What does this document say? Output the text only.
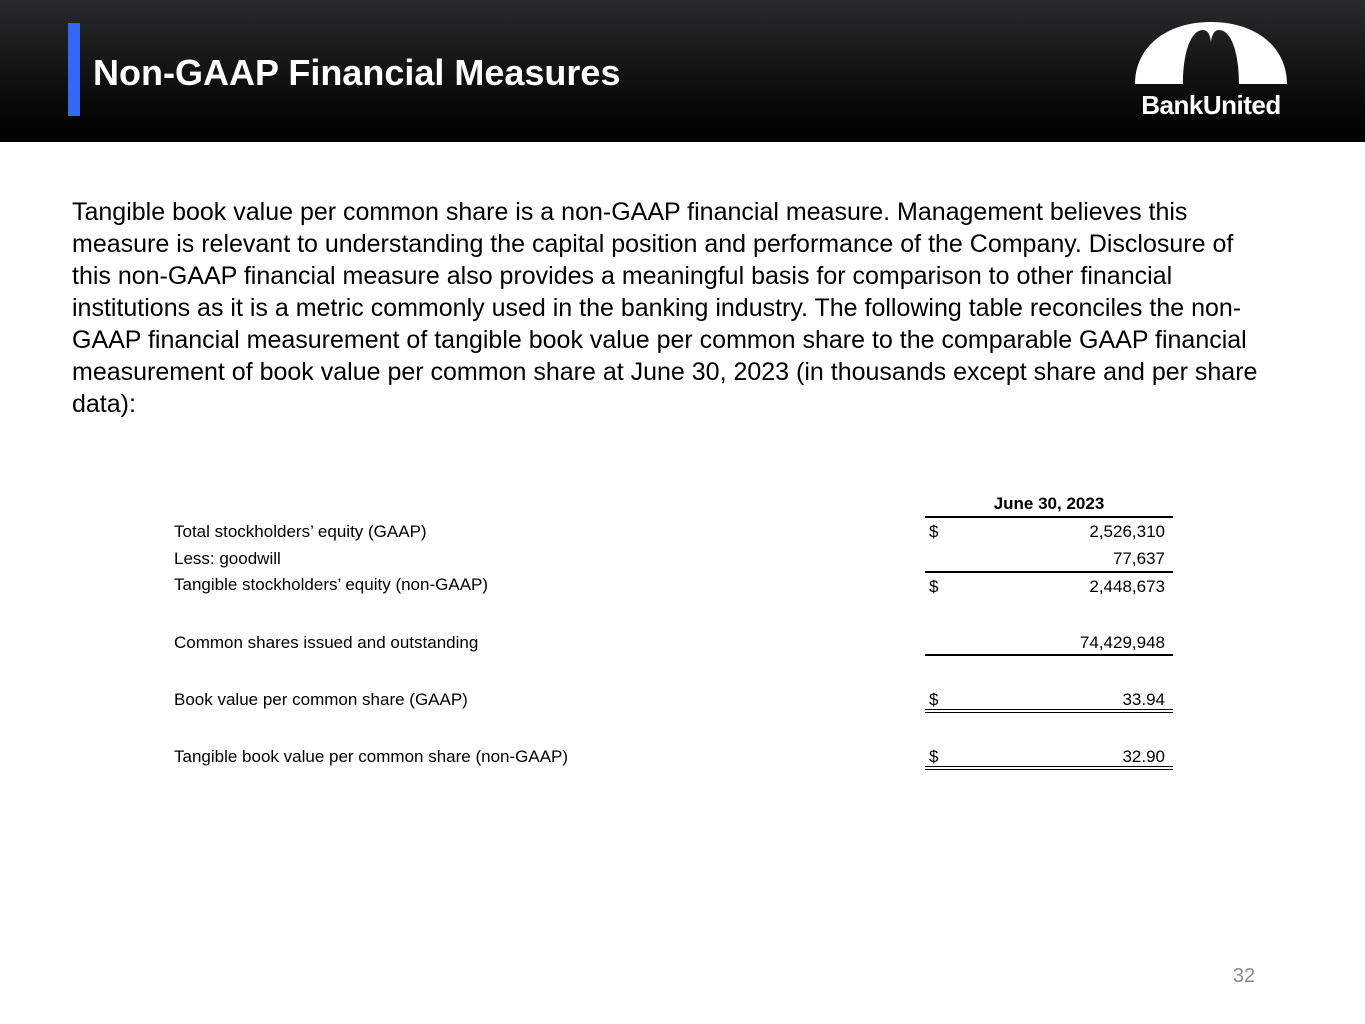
Non-GAAP Financial Measures
BankUnited

Tangible book value per common share is a non-GAAP financial measure. Management believes this measure is relevant to understanding the capital position and performance of the Company. Disclosure of this non-GAAP financial measure also provides a meaningful basis for comparison to other financial institutions as it is a metric commonly used in the banking industry. The following table reconciles the non-GAAP financial measurement of tangible book value per common share to the comparable GAAP financial measurement of book value per common share at June 30, 2023 (in thousands except share and per share data):

June 30, 2023
Total stockholders’ equity (GAAP)	$	2,526,310
Less: goodwill	77,637
Tangible stockholders’ equity (non-GAAP)	$	2,448,673
Common shares issued and outstanding	74,429,948
Book value per common share (GAAP)	$	33.94
Tangible book value per common share (non-GAAP)	$	32.90
32
